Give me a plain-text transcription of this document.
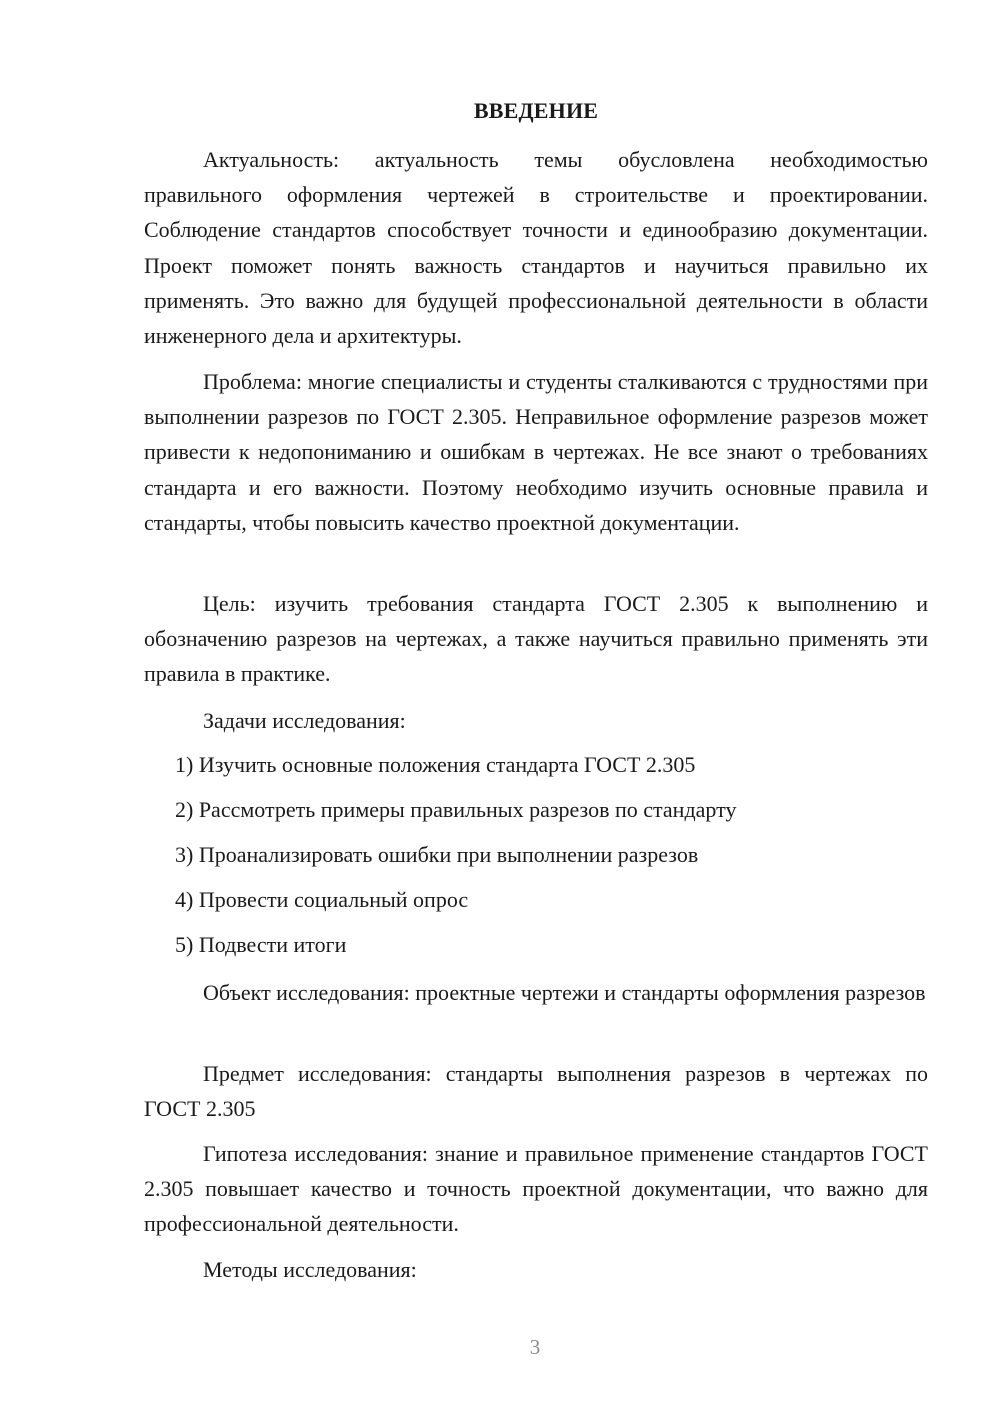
ВВЕДЕНИЕ

Актуальность: актуальность темы обусловлена необходимостью правильного оформления чертежей в строительстве и проектировании. Соблюдение стандартов способствует точности и единообразию документации. Проект поможет понять важность стандартов и научиться правильно их применять. Это важно для будущей профессиональной деятельности в области инженерного дела и архитектуры.

Проблема: многие специалисты и студенты сталкиваются с трудностями при выполнении разрезов по ГОСТ 2.305. Неправильное оформление разрезов может привести к недопониманию и ошибкам в чертежах. Не все знают о требованиях стандарта и его важности. Поэтому необходимо изучить основные правила и стандарты, чтобы повысить качество проектной документации.

Цель: изучить требования стандарта ГОСТ 2.305 к выполнению и обозначению разрезов на чертежах, а также научиться правильно применять эти правила в практике.

Задачи исследования:

1) Изучить основные положения стандарта ГОСТ 2.305

2) Рассмотреть примеры правильных разрезов по стандарту

3) Проанализировать ошибки при выполнении разрезов

4) Провести социальный опрос

5) Подвести итоги

Объект исследования: проектные чертежи и стандарты оформления разрезов

Предмет исследования: стандарты выполнения разрезов в чертежах по ГОСТ 2.305

Гипотеза исследования: знание и правильное применение стандартов ГОСТ 2.305 повышает качество и точность проектной документации, что важно для профессиональной деятельности.

Методы исследования:

3
